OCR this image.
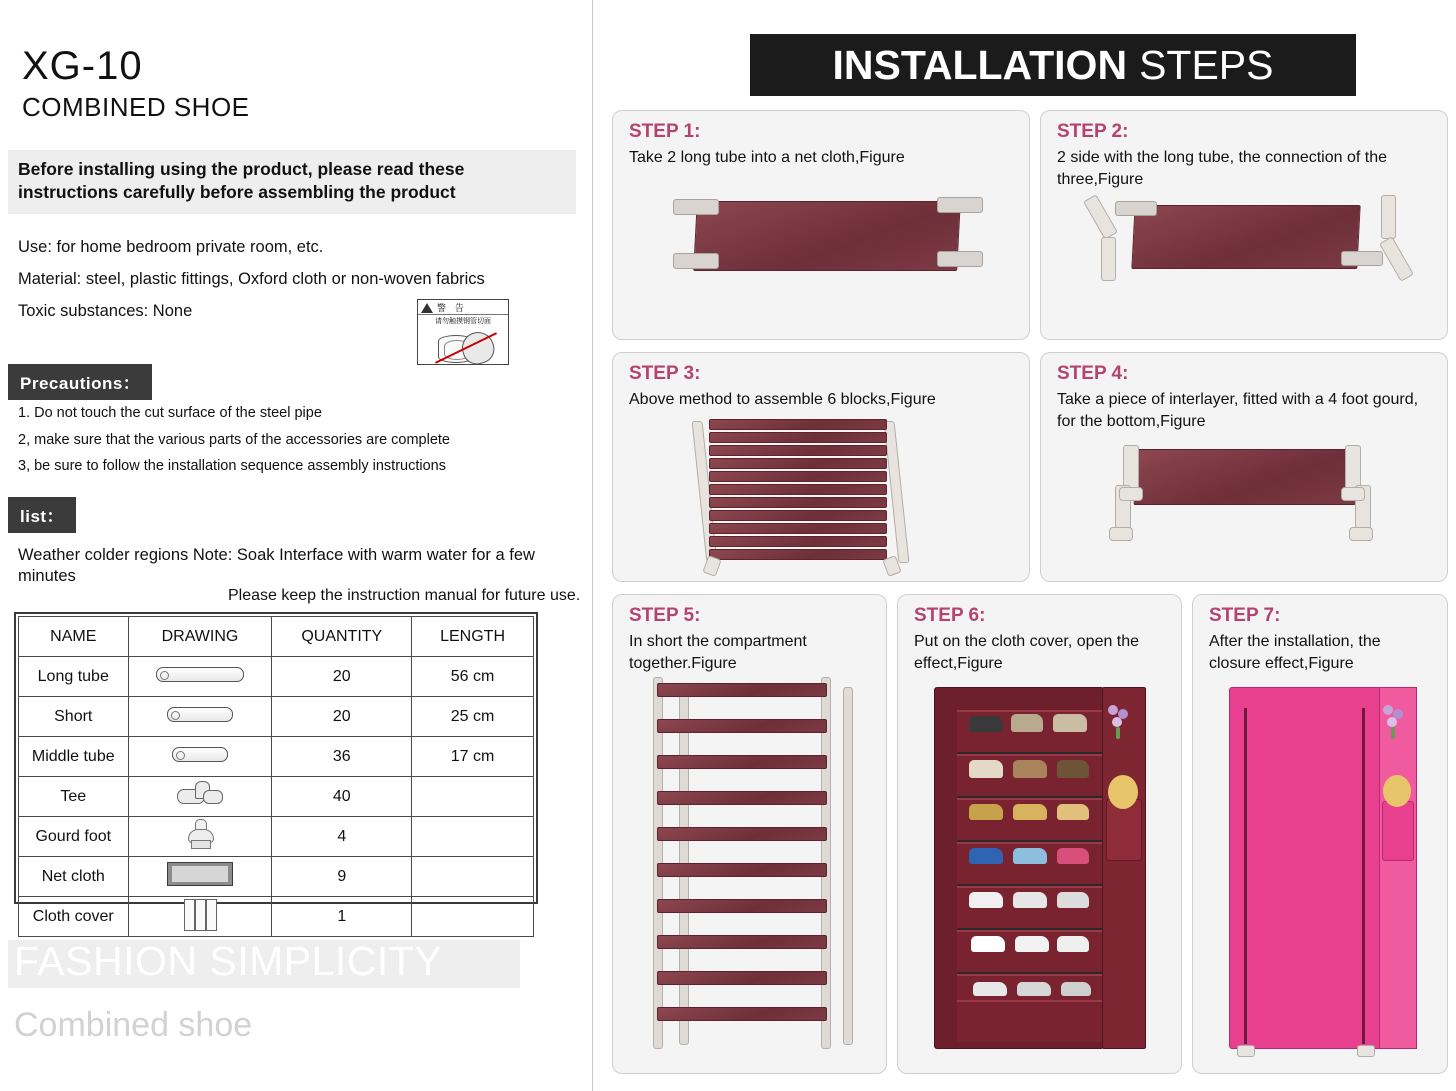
XG-10
COMBINED SHOE
Before installing using the product, please read these instructions carefully before assembling the product
Use: for home bedroom private room, etc.
Material: steel, plastic fittings, Oxford cloth or non-woven fabrics
Toxic substances: None	警 告
请勿触摸钢管切面
Precautions：
1. Do not touch the cut surface of the steel pipe
2, make sure that the various parts of the accessories are complete
3, be sure to follow the installation sequence assembly instructions
list：
Weather colder regions Note: Soak Interface with warm water for a few minutes
Please keep the instruction manual for future use.
NAME	DRAWING	QUANTITY	LENGTH
Long tube		20	56 cm
Short		20	25 cm
Middle tube		36	17 cm
Tee		40	
Gourd foot		4	
Net cloth		9	
Cloth cover		1	
FASHION SIMPLICITY
Combined shoe
INSTALLATION STEPS
STEP 1:
Take 2 long tube into a net cloth,Figure
STEP 2:
2 side with the long tube, the connection of the three,Figure
STEP 3:
Above method to assemble 6 blocks,Figure
STEP 4:
Take a piece of interlayer, fitted with a 4 foot gourd, for the bottom,Figure
STEP 5:
In short the compartment together.Figure
STEP 6:
Put on the cloth cover, open the effect,Figure
STEP 7:
After the installation, the closure effect,Figure
